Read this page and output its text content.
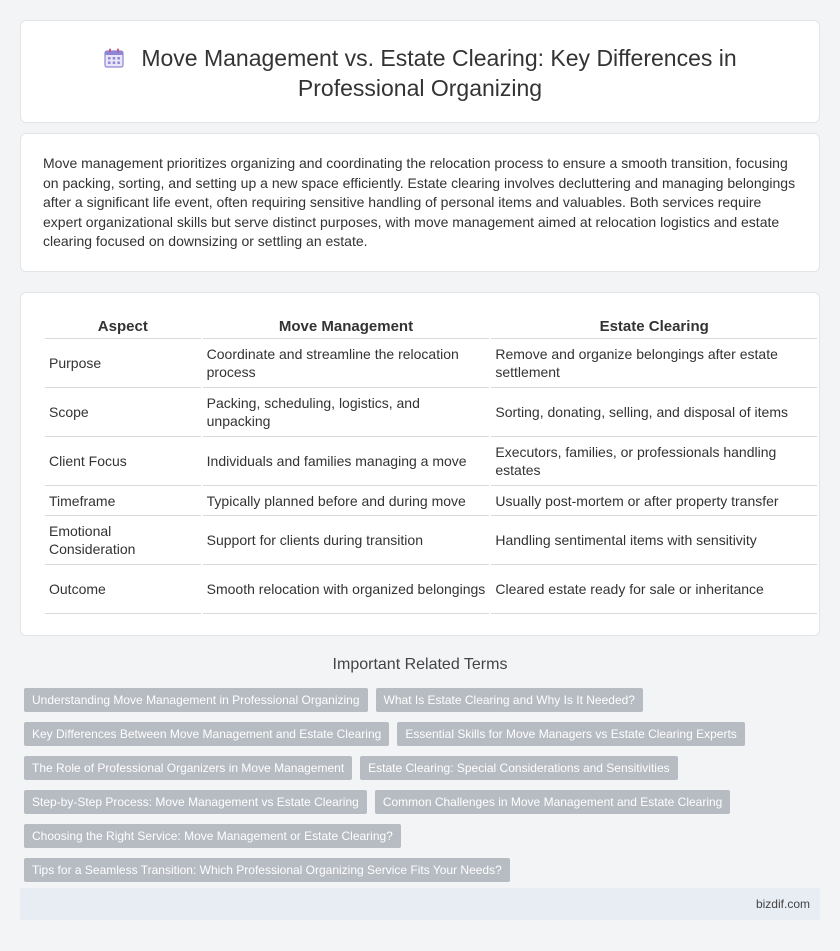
Move Management vs. Estate Clearing: Key Differences in
Professional Organizing

Move management prioritizes organizing and coordinating the relocation process to ensure a smooth transition, focusing on packing, sorting, and setting up a new space efficiently. Estate clearing involves decluttering and managing belongings after a significant life event, often requiring sensitive handling of personal items and valuables. Both services require expert organizational skills but serve distinct purposes, with move management aimed at relocation logistics and estate clearing focused on downsizing or settling an estate.

Aspect	Move Management	Estate Clearing
Purpose	Coordinate and streamline the relocation process	Remove and organize belongings after estate settlement
Scope	Packing, scheduling, logistics, and unpacking	Sorting, donating, selling, and disposal of items
Client Focus	Individuals and families managing a move	Executors, families, or professionals handling estates
Timeframe	Typically planned before and during move	Usually post-mortem or after property transfer
Emotional Consideration	Support for clients during transition	Handling sentimental items with sensitivity
Outcome	Smooth relocation with organized belongings	Cleared estate ready for sale or inheritance
Important Related Terms
Understanding Move Management in Professional Organizing What Is Estate Clearing and Why Is It Needed?
Key Differences Between Move Management and Estate Clearing Essential Skills for Move Managers vs Estate Clearing Experts
The Role of Professional Organizers in Move Management Estate Clearing: Special Considerations and Sensitivities
Step-by-Step Process: Move Management vs Estate Clearing Common Challenges in Move Management and Estate Clearing
Choosing the Right Service: Move Management or Estate Clearing?
Tips for a Seamless Transition: Which Professional Organizing Service Fits Your Needs?
bizdif.com
